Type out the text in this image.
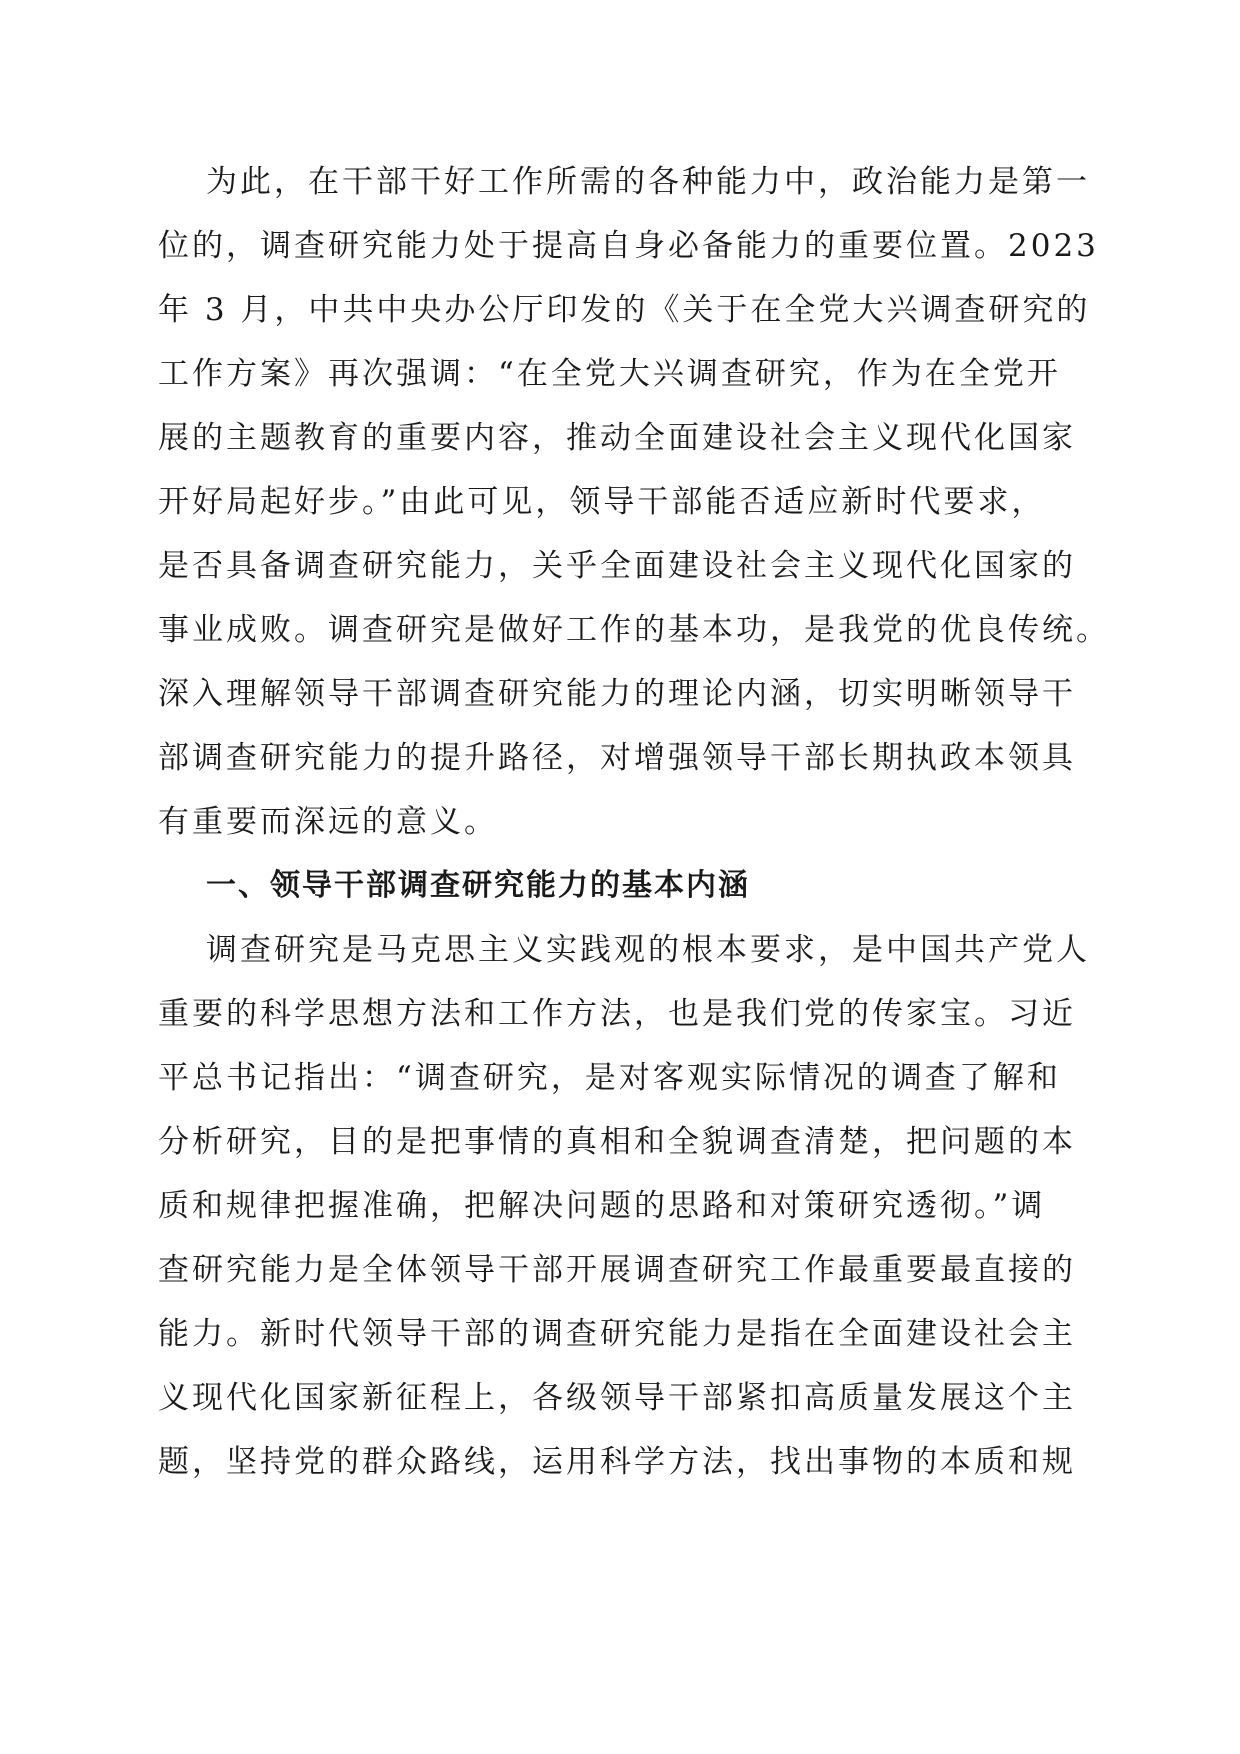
为此，在干部干好工作所需的各种能力中，政治能力是第一
位的，调查研究能力处于提高自身必备能力的重要位置。2023
年 3 月，中共中央办公厅印发的《关于在全党大兴调查研究的
工作方案》再次强调：“在全党大兴调查研究，作为在全党开
展的主题教育的重要内容，推动全面建设社会主义现代化国家
开好局起好步。”由此可见，领导干部能否适应新时代要求，
是否具备调查研究能力，关乎全面建设社会主义现代化国家的
事业成败。调查研究是做好工作的基本功，是我党的优良传统。
深入理解领导干部调查研究能力的理论内涵，切实明晰领导干
部调查研究能力的提升路径，对增强领导干部长期执政本领具
有重要而深远的意义。
一、领导干部调查研究能力的基本内涵
调查研究是马克思主义实践观的根本要求，是中国共产党人
重要的科学思想方法和工作方法，也是我们党的传家宝。习近
平总书记指出：“调查研究，是对客观实际情况的调查了解和
分析研究，目的是把事情的真相和全貌调查清楚，把问题的本
质和规律把握准确，把解决问题的思路和对策研究透彻。”调
查研究能力是全体领导干部开展调查研究工作最重要最直接的
能力。新时代领导干部的调查研究能力是指在全面建设社会主
义现代化国家新征程上，各级领导干部紧扣高质量发展这个主
题，坚持党的群众路线，运用科学方法，找出事物的本质和规
